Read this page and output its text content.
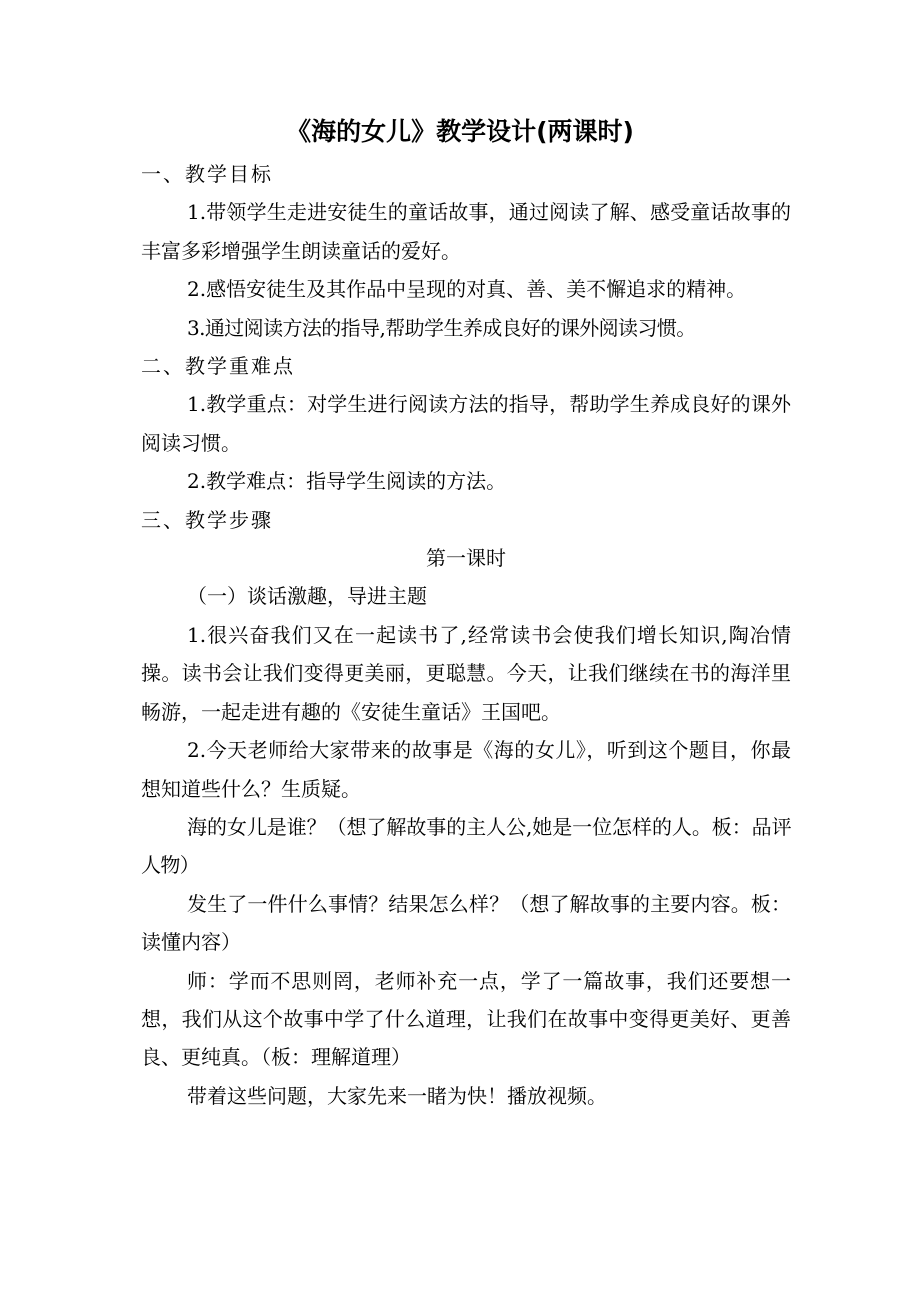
《海的女儿》教学设计(两课时)

一、教学目标

1.带领学生走进安徒生的童话故事，通过阅读了解、感受童话故事的丰富多彩增强学生朗读童话的爱好。

2.感悟安徒生及其作品中呈现的对真、善、美不懈追求的精神。

3.通过阅读方法的指导,帮助学生养成良好的课外阅读习惯。

二、教学重难点

1.教学重点：对学生进行阅读方法的指导，帮助学生养成良好的课外阅读习惯。

2.教学难点：指导学生阅读的方法。

三、教学步骤

第一课时

（一）谈话激趣，导进主题

1.很兴奋我们又在一起读书了,经常读书会使我们增长知识,陶冶情操。读书会让我们变得更美丽，更聪慧。今天，让我们继续在书的海洋里畅游，一起走进有趣的《安徒生童话》王国吧。

2.今天老师给大家带来的故事是《海的女儿》，听到这个题目，你最想知道些什么？生质疑。

海的女儿是谁？（想了解故事的主人公,她是一位怎样的人。板：品评人物）

发生了一件什么事情？结果怎么样？（想了解故事的主要内容。板：读懂内容）

师：学而不思则罔，老师补充一点，学了一篇故事，我们还要想一想，我们从这个故事中学了什么道理，让我们在故事中变得更美好、更善良、更纯真。（板：理解道理）

带着这些问题，大家先来一睹为快！播放视频。
